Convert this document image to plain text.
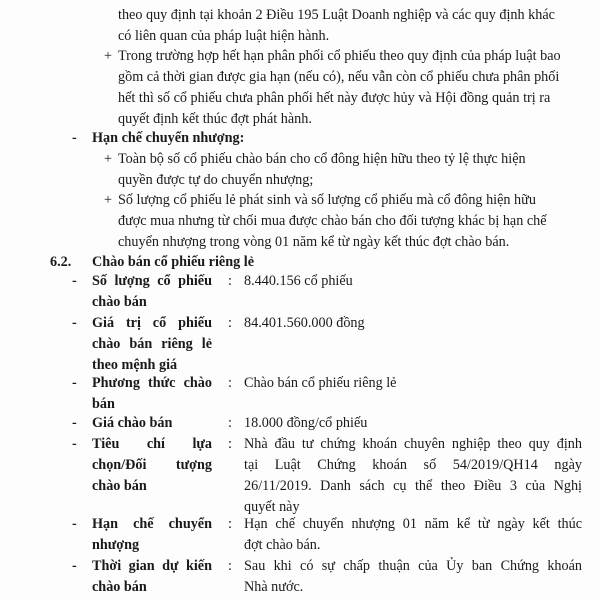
theo quy định tại khoản 2 Điều 195 Luật Doanh nghiệp và các quy định khác
có liên quan của pháp luật hiện hành.
+ Trong trường hợp hết hạn phân phối cổ phiếu theo quy định của pháp luật bao
gồm cả thời gian được gia hạn (nếu có), nếu vẫn còn cổ phiếu chưa phân phối
hết thì số cổ phiếu chưa phân phối hết này được hủy và Hội đồng quản trị ra
quyết định kết thúc đợt phát hành.
- Hạn chế chuyển nhượng:
+ Toàn bộ số cổ phiếu chào bán cho cổ đông hiện hữu theo tỷ lệ thực hiện
quyền được tự do chuyển nhượng;
+ Số lượng cổ phiếu lẻ phát sinh và số lượng cổ phiếu mà cổ đông hiện hữu
được mua nhưng từ chối mua được chào bán cho đối tượng khác bị hạn chế
chuyển nhượng trong vòng 01 năm kể từ ngày kết thúc đợt chào bán.
6.2. Chào bán cổ phiếu riêng lẻ
- Số lượng cổ phiếu
chào bán
: 8.440.156 cổ phiếu
- Giá trị cổ phiếu
chào bán riêng lẻ
theo mệnh giá
: 84.401.560.000 đồng
- Phương thức chào
bán
: Chào bán cổ phiếu riêng lẻ
- Giá chào bán	: 18.000 đồng/cổ phiếu
- Tiêu chí lựa
chọn/Đối tượng
chào bán
: Nhà đầu tư chứng khoán chuyên nghiệp theo quy định
tại Luật Chứng khoán số 54/2019/QH14 ngày
26/11/2019. Danh sách cụ thể theo Điều 3 của Nghị
quyết này
- Hạn chế chuyển
nhượng
: Hạn chế chuyển nhượng 01 năm kể từ ngày kết thúc
đợt chào bán.
- Thời gian dự kiến
chào bán
: Sau khi có sự chấp thuận của Ủy ban Chứng khoán
Nhà nước.
